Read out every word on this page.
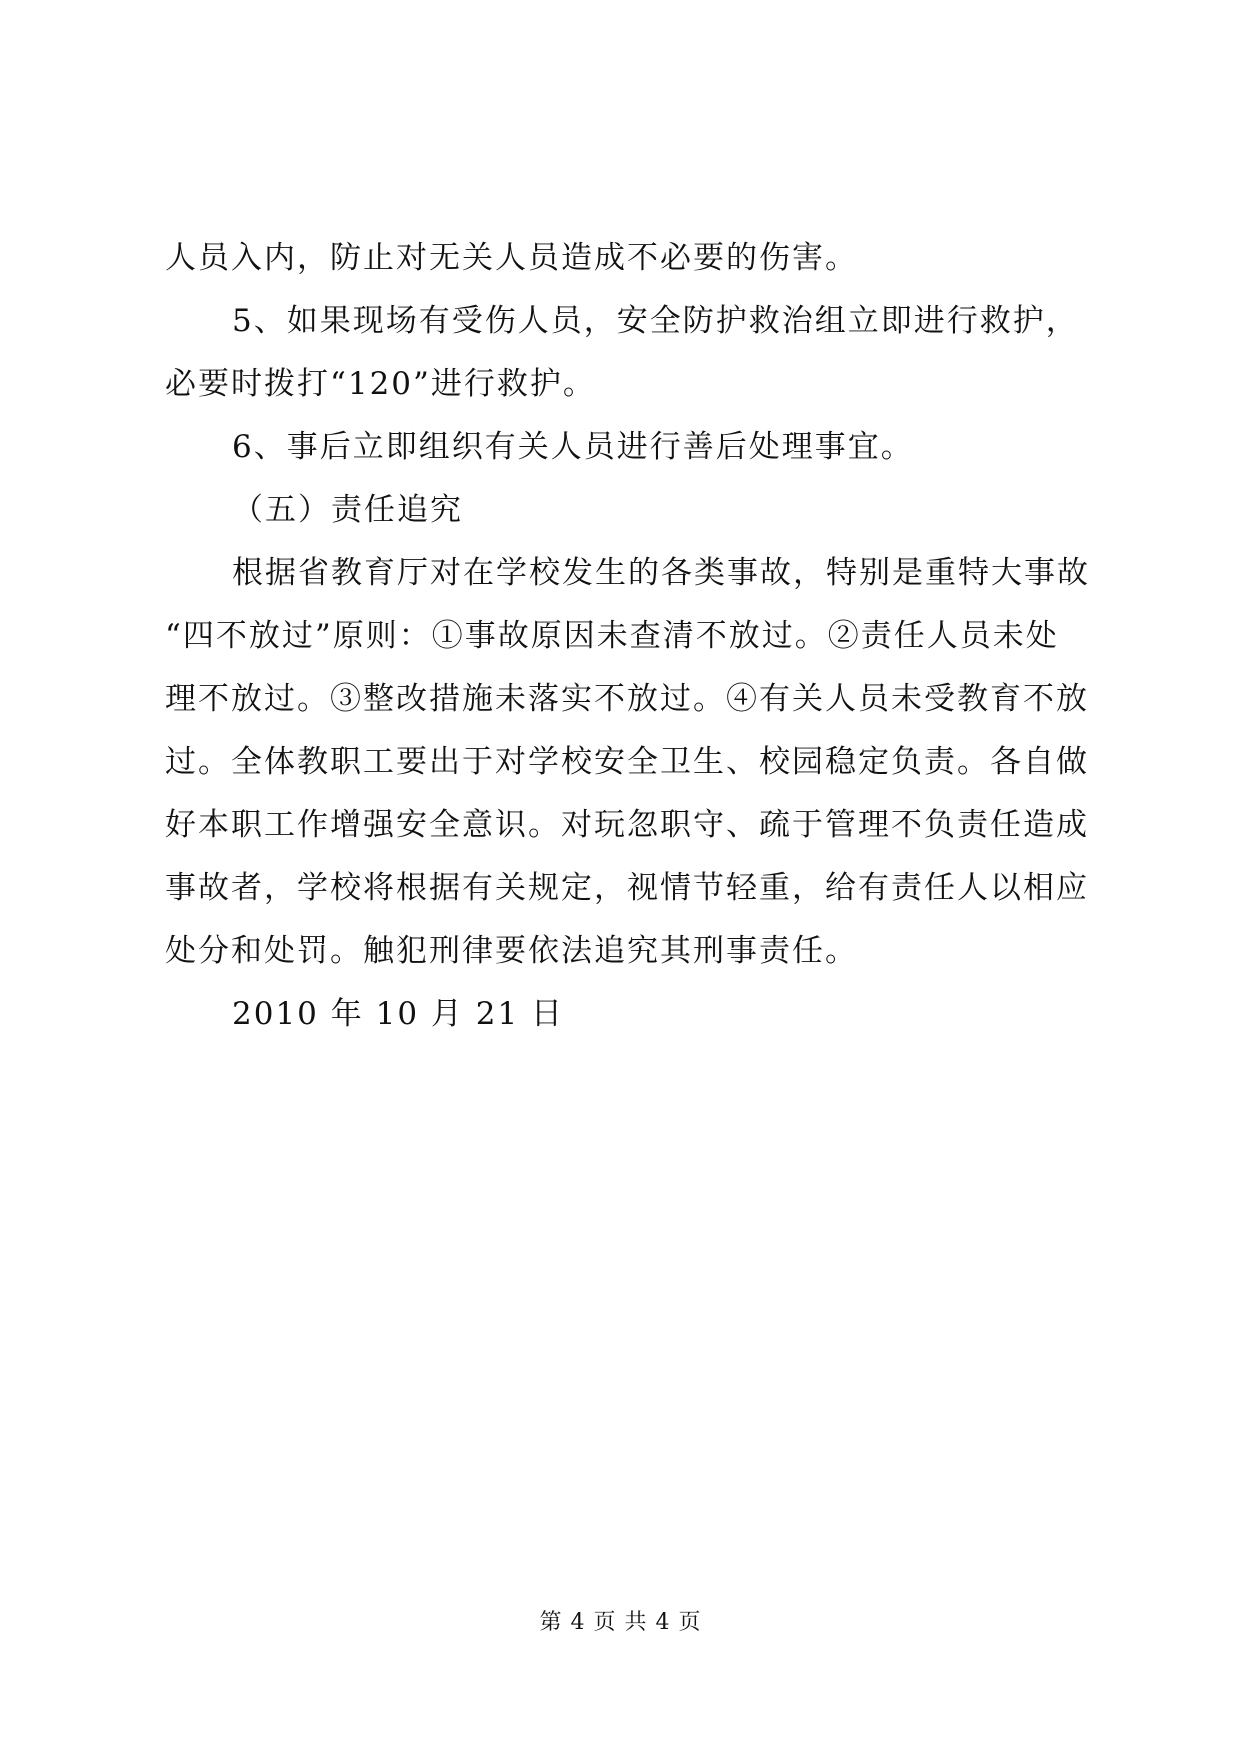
人员入内，防止对无关人员造成不必要的伤害。
5、如果现场有受伤人员，安全防护救治组立即进行救护，
必要时拨打“120”进行救护。
6、事后立即组织有关人员进行善后处理事宜。
（五）责任追究
根据省教育厅对在学校发生的各类事故，特别是重特大事故
“四不放过”原则：①事故原因未查清不放过。②责任人员未处
理不放过。③整改措施未落实不放过。④有关人员未受教育不放
过。全体教职工要出于对学校安全卫生、校园稳定负责。各自做
好本职工作增强安全意识。对玩忽职守、疏于管理不负责任造成
事故者，学校将根据有关规定，视情节轻重，给有责任人以相应
处分和处罚。触犯刑律要依法追究其刑事责任。
2010 年 10 月 21 日
第 4 页 共 4 页
